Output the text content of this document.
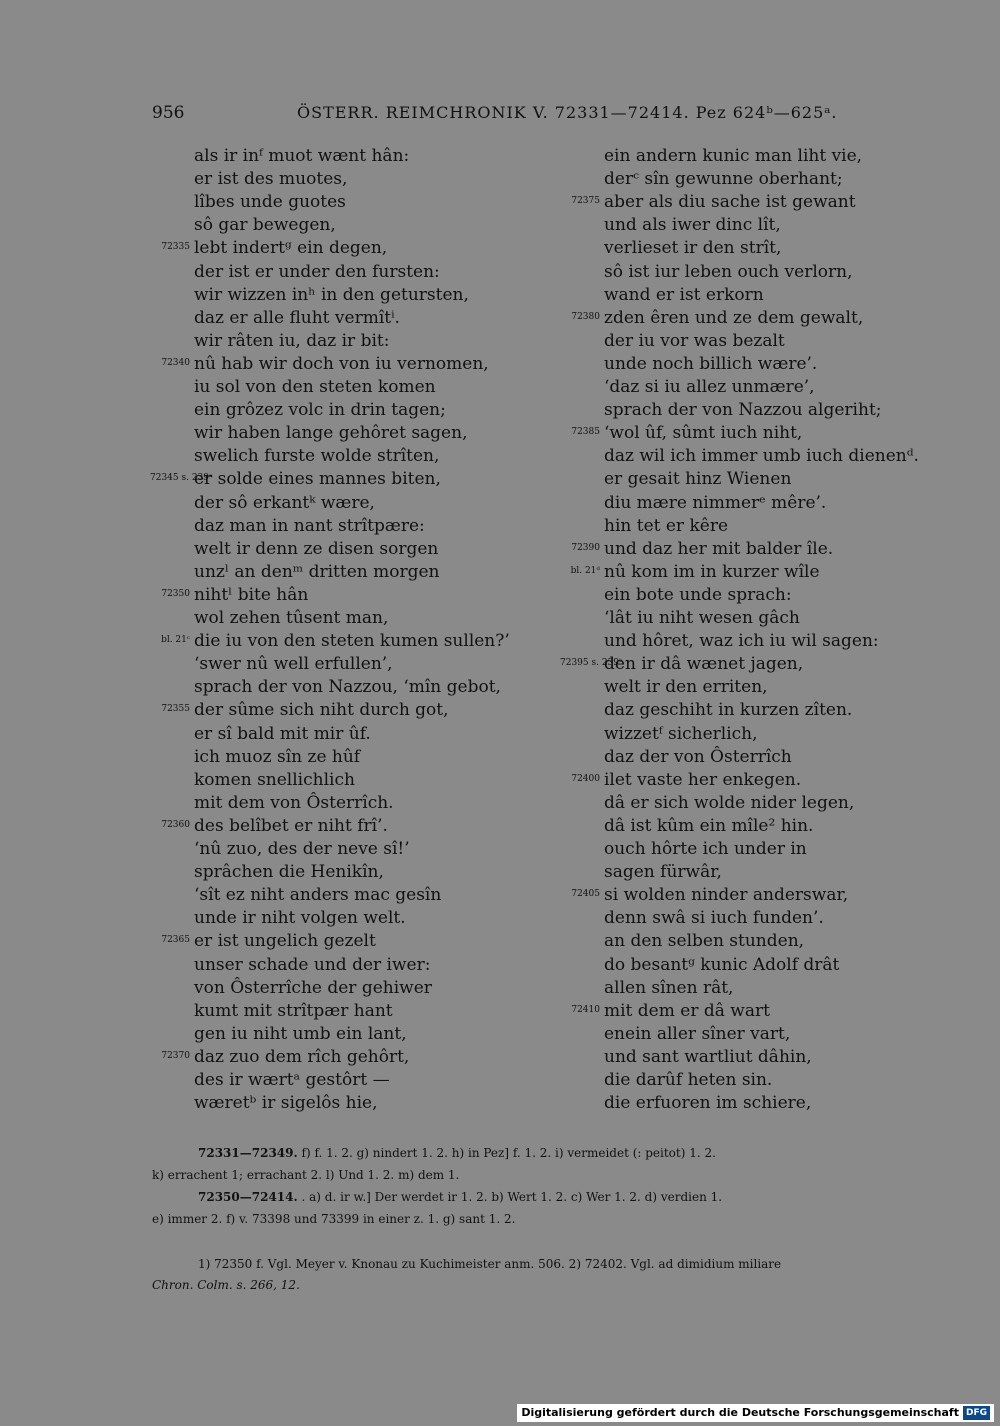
956	ÖSTERR. REIMCHRONIK V. 72331—72414. Pez 624ᵇ—625ᵃ.
als ir inᶠ muot wænt hân:
er ist des muotes,
lîbes unde guotes
sô gar bewegen,
72335 lebt indertᵍ ein degen,
der ist er under den fursten:
wir wizzen inʰ in den getursten,
daz er alle fluht vermîtⁱ.
wir râten iu, daz ir bit:
72340 nû hab wir doch von iu vernomen,
iu sol von den steten komen
ein grôzez volc in drin tagen;
wir haben lange gehôret sagen,
swelich furste wolde strîten,
72345 s. 239ᵃ
er solde eines mannes biten,
der sô erkantᵏ wære,
daz man in nant strîtpære:
welt ir denn ze disen sorgen
unzˡ an denᵐ dritten morgen
72350 nihtˡ bite hân
wol zehen tûsent man,
bl. 21ᶜ die iu von den steten kumen sullen?’
‘swer nû well erfullen’,
sprach der von Nazzou, ‘mîn gebot,
72355 der sûme sich niht durch got,
er sî bald mit mir ûf.
ich muoz sîn ze hûf
komen snellichlich
mit dem von Ôsterrîch.
72360 des belîbet er niht frî’.
‘nû zuo, des der neve sî!’
sprâchen die Henikîn,
‘sît ez niht anders mac gesîn
unde ir niht volgen welt.
72365 er ist ungelich gezelt
unser schade und der iwer:
von Ôsterrîche der gehiwer
kumt mit strîtpær hant
gen iu niht umb ein lant,
72370 daz zuo dem rîch gehôrt,
des ir wærtᵃ gestôrt —
wæretᵇ ir sigelôs hie,
ein andern kunic man liht vie,
derᶜ sîn gewunne oberhant;
72375 aber als diu sache ist gewant
und als iwer dinc lît,
verlieset ir den strît,
sô ist iur leben ouch verlorn,
wand er ist erkorn
72380 zden êren und ze dem gewalt,
der iu vor was bezalt
unde noch billich wære’.
‘daz si iu allez unmære’,
sprach der von Nazzou algeriht;
72385 ‘wol ûf, sûmt iuch niht,
daz wil ich immer umb iuch dienenᵈ.
er gesait hinz Wienen
diu mære nimmerᵉ mêre’.
hin tet er kêre
72390 und daz her mit balder île.
bl. 21ᵈ nû kom im in kurzer wîle
ein bote unde sprach:
‘lât iu niht wesen gâch
und hôret, waz ich iu wil sagen:
72395 s. 239ᵇ
den ir dâ wænet jagen,
welt ir den erriten,
daz geschiht in kurzen zîten.
wizzetᶠ sicherlich,
daz der von Ôsterrîch
72400 ilet vaste her enkegen.
dâ er sich wolde nider legen,
dâ ist kûm ein mîle² hin.
ouch hôrte ich under in
sagen fürwâr,
72405 si wolden ninder anderswar,
denn swâ si iuch funden’.
an den selben stunden,
do besantᵍ kunic Adolf drât
allen sînen rât,
72410 mit dem er dâ wart
enein aller sîner vart,
und sant wartliut dâhin,
die darûf heten sin.
die erfuoren im schiere,
72331—72349. f) f. 1. 2. g) nindert 1. 2. h) in Pez] f. 1. 2. i) vermeidet (: peitot) 1. 2.
k) errachent 1; errachant 2. l) Und 1. 2. m) dem 1.
72350—72414. . a) d. ir w.] Der werdet ir 1. 2. b) Wert 1. 2. c) Wer 1. 2. d) verdien 1.
e) immer 2. f) v. 73398 und 73399 in einer z. 1. g) sant 1. 2.
1) 72350 f. Vgl. Meyer v. Knonau zu Kuchimeister anm. 506. 2) 72402. Vgl. ad dimidium miliare
Chron. Colm. s. 266, 12.
Digitalisierung gefördert durch die Deutsche Forschungsgemeinschaft DFG
